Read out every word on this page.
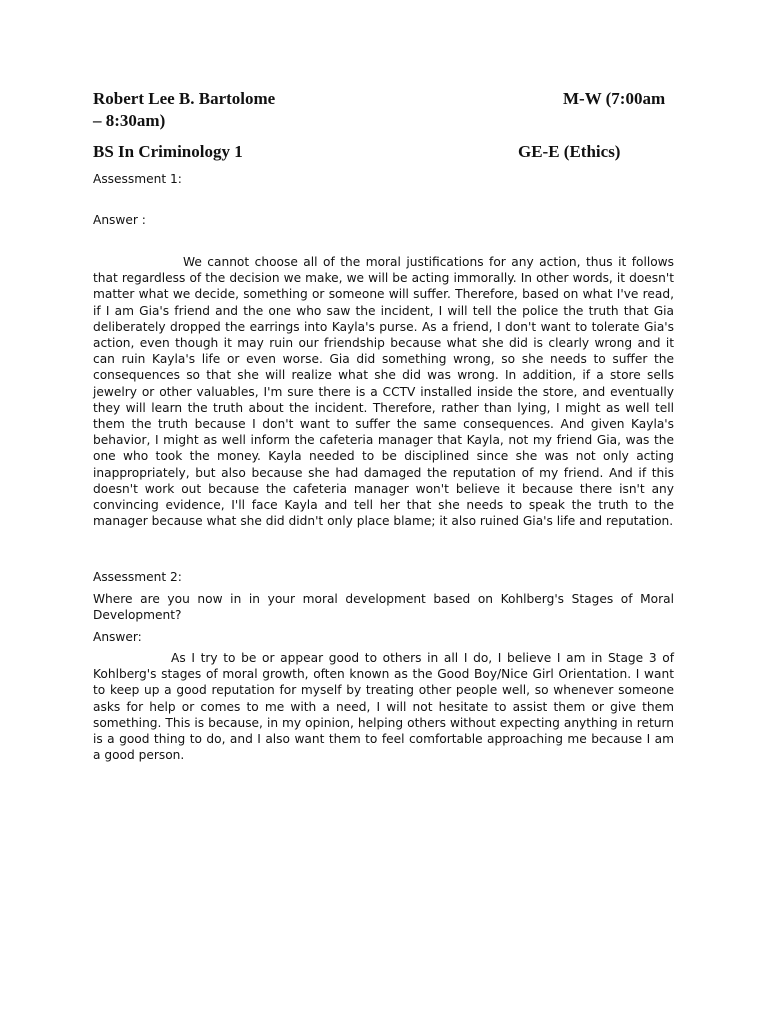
Robert Lee B. Bartolome	M-W (7:00am
– 8:30am)
BS In Criminology 1	GE-E (Ethics)
Assessment 1:
Answer :

We cannot choose all of the moral justifications for any action, thus it follows that regardless of the decision we make, we will be acting immorally. In other words, it doesn't matter what we decide, something or someone will suffer. Therefore, based on what I've read, if I am Gia's friend and the one who saw the incident, I will tell the police the truth that Gia deliberately dropped the earrings into Kayla's purse. As a friend, I don't want to tolerate Gia's action, even though it may ruin our friendship because what she did is clearly wrong and it can ruin Kayla's life or even worse. Gia did something wrong, so she needs to suffer the consequences so that she will realize what she did was wrong. In addition, if a store sells jewelry or other valuables, I'm sure there is a CCTV installed inside the store, and eventually they will learn the truth about the incident. Therefore, rather than lying, I might as well tell them the truth because I don't want to suffer the same consequences. And given Kayla's behavior, I might as well inform the cafeteria manager that Kayla, not my friend Gia, was the one who took the money. Kayla needed to be disciplined since she was not only acting inappropriately, but also because she had damaged the reputation of my friend. And if this doesn't work out because the cafeteria manager won't believe it because there isn't any convincing evidence, I'll face Kayla and tell her that she needs to speak the truth to the manager because what she did didn't only place blame; it also ruined Gia's life and reputation.

Assessment 2:

Where are you now in in your moral development based on Kohlberg's Stages of Moral Development?

Answer:

As I try to be or appear good to others in all I do, I believe I am in Stage 3 of Kohlberg's stages of moral growth, often known as the Good Boy/Nice Girl Orientation. I want to keep up a good reputation for myself by treating other people well, so whenever someone asks for help or comes to me with a need, I will not hesitate to assist them or give them something. This is because, in my opinion, helping others without expecting anything in return is a good thing to do, and I also want them to feel comfortable approaching me because I am a good person.
